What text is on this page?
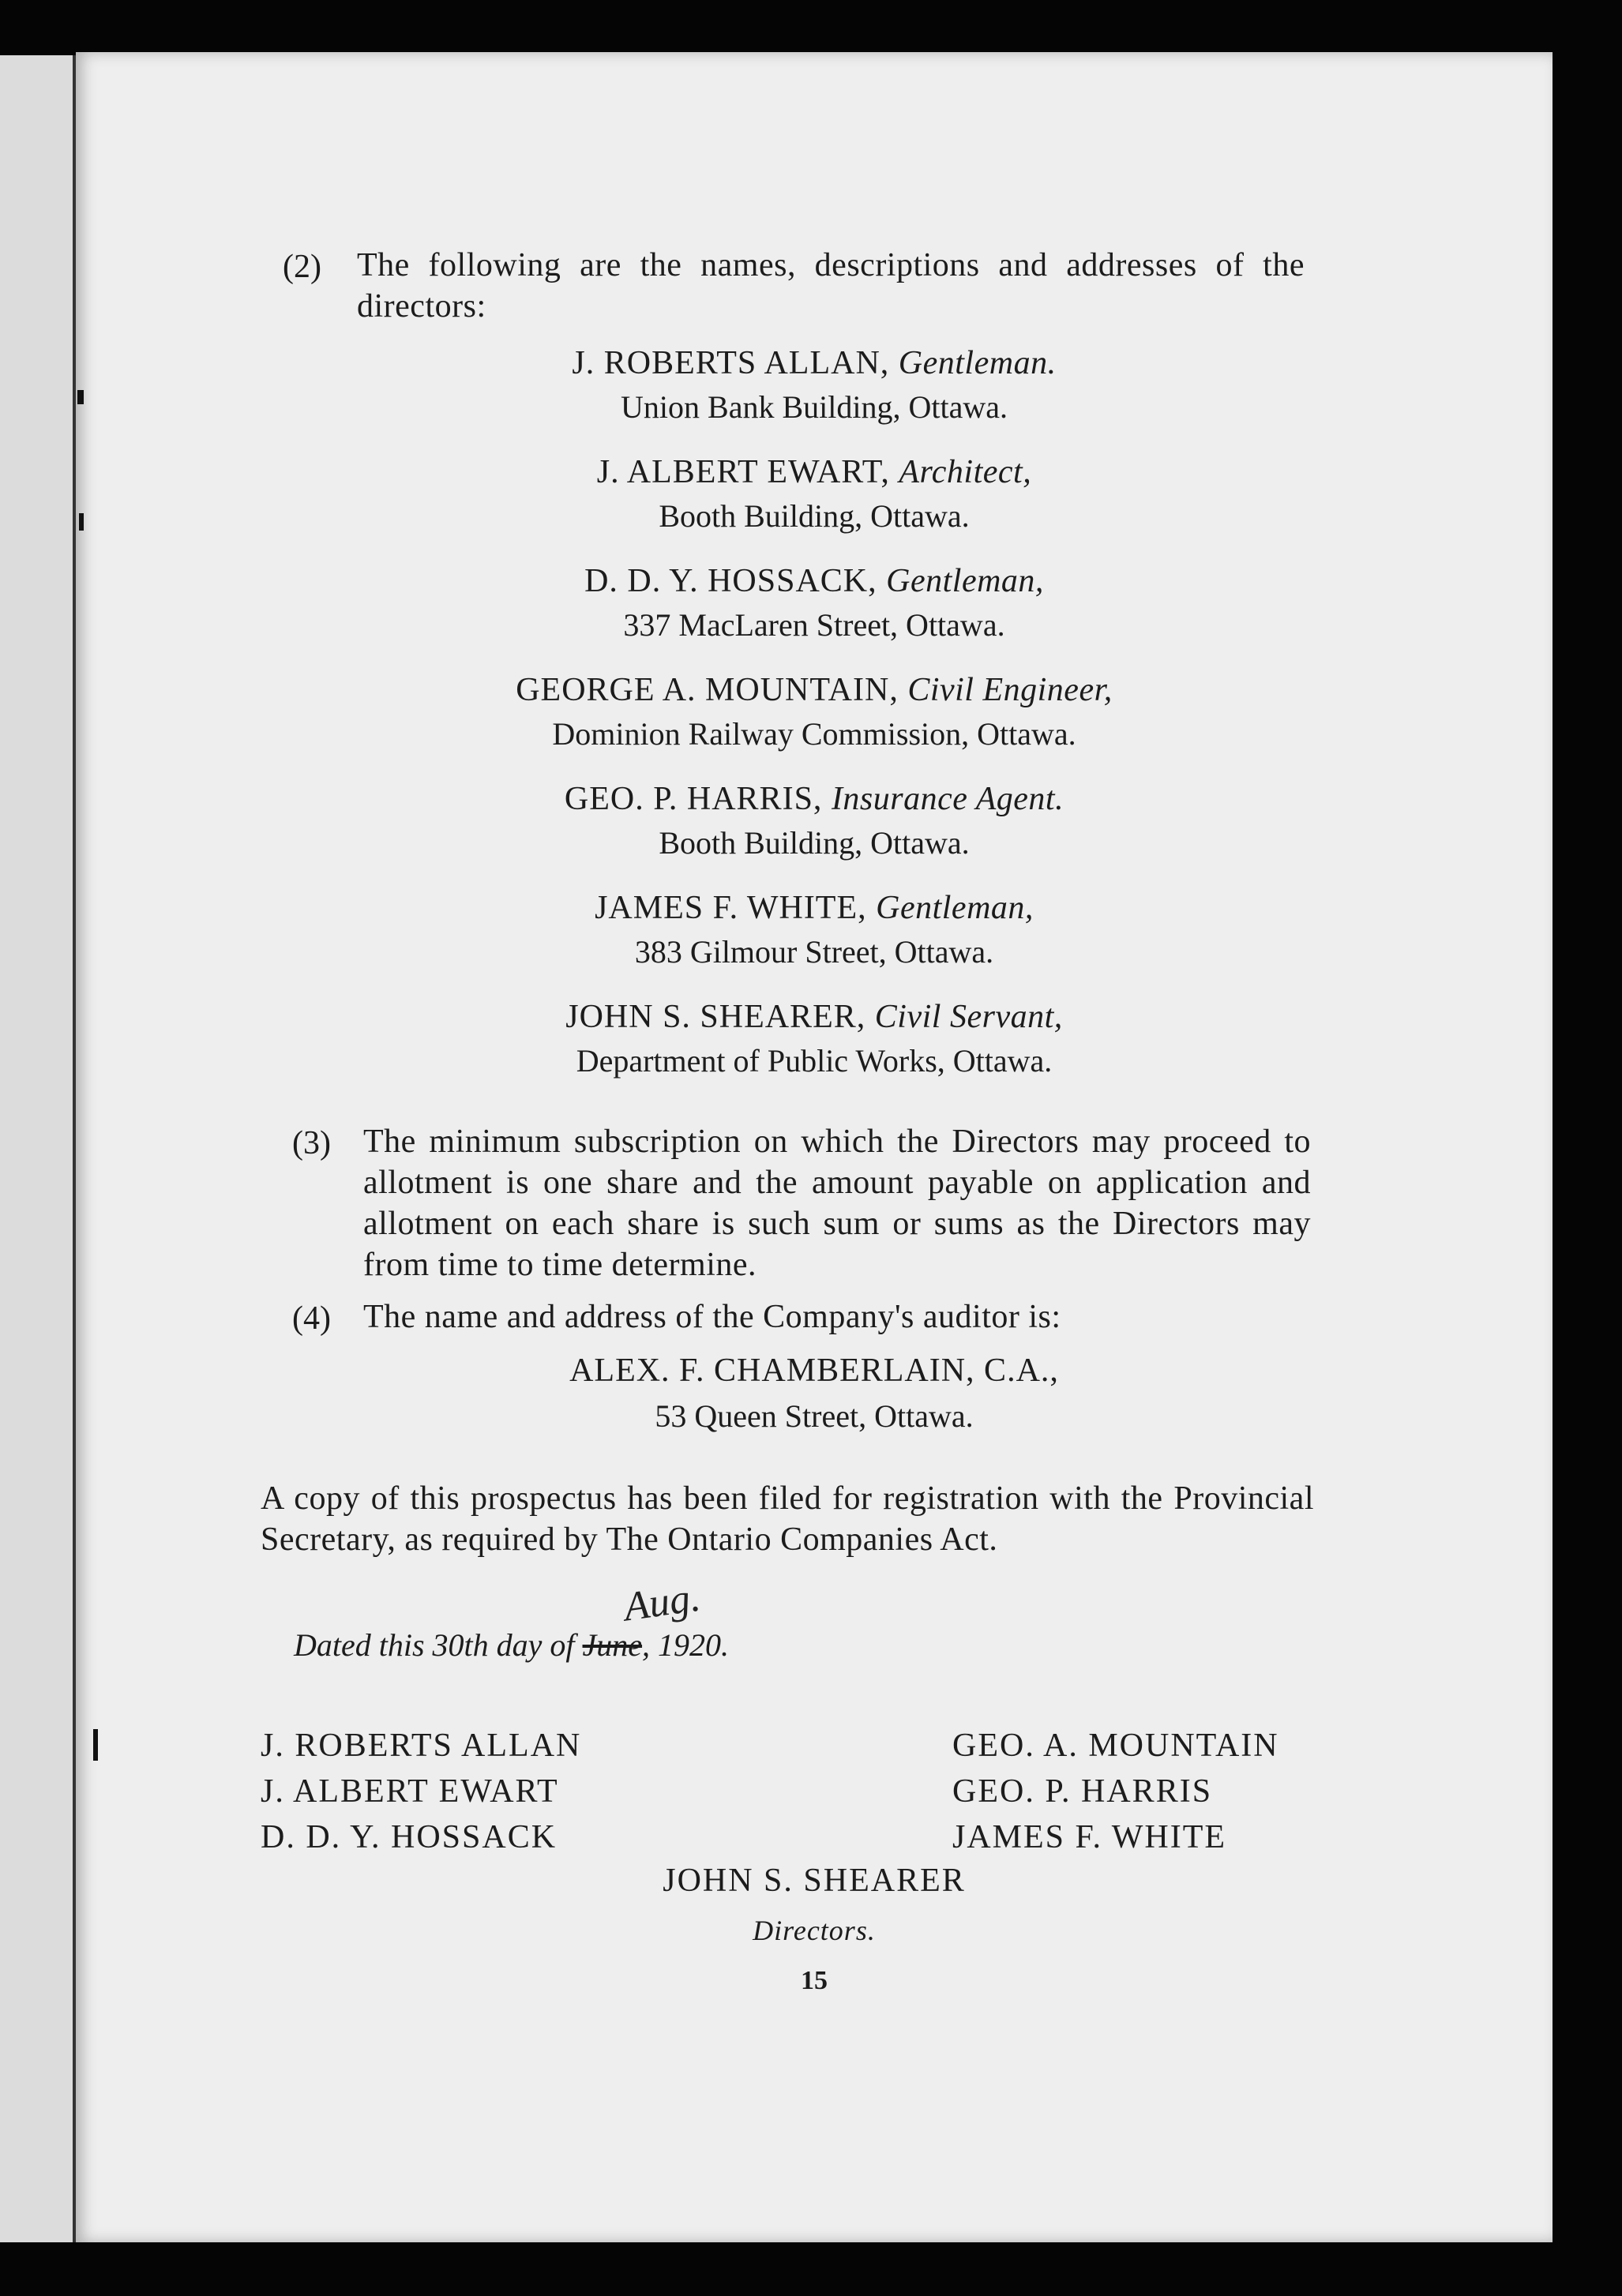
(2) The following are the names, descriptions and addresses of the directors:
J. ROBERTS ALLAN, Gentleman.
Union Bank Building, Ottawa.
J. ALBERT EWART, Architect,
Booth Building, Ottawa.
D. D. Y. HOSSACK, Gentleman,
337 MacLaren Street, Ottawa.
GEORGE A. MOUNTAIN, Civil Engineer,
Dominion Railway Commission, Ottawa.
GEO. P. HARRIS, Insurance Agent.
Booth Building, Ottawa.
JAMES F. WHITE, Gentleman,
383 Gilmour Street, Ottawa.
JOHN S. SHEARER, Civil Servant,
Department of Public Works, Ottawa.
(3) The minimum subscription on which the Directors may proceed to allotment is one share and the amount payable on application and allotment on each share is such sum or sums as the Directors may from time to time determine.
(4) The name and address of the Company's auditor is:
ALEX. F. CHAMBERLAIN, C.A.,
53 Queen Street, Ottawa.
A copy of this prospectus has been filed for registration with the Provincial Secretary, as required by The Ontario Companies Act.
Aug.
Dated this 30th day of June, 1920.
J. ROBERTS ALLAN
J. ALBERT EWART
D. D. Y. HOSSACK
GEO. A. MOUNTAIN
GEO. P. HARRIS
JAMES F. WHITE
JOHN S. SHEARER
Directors.
15
